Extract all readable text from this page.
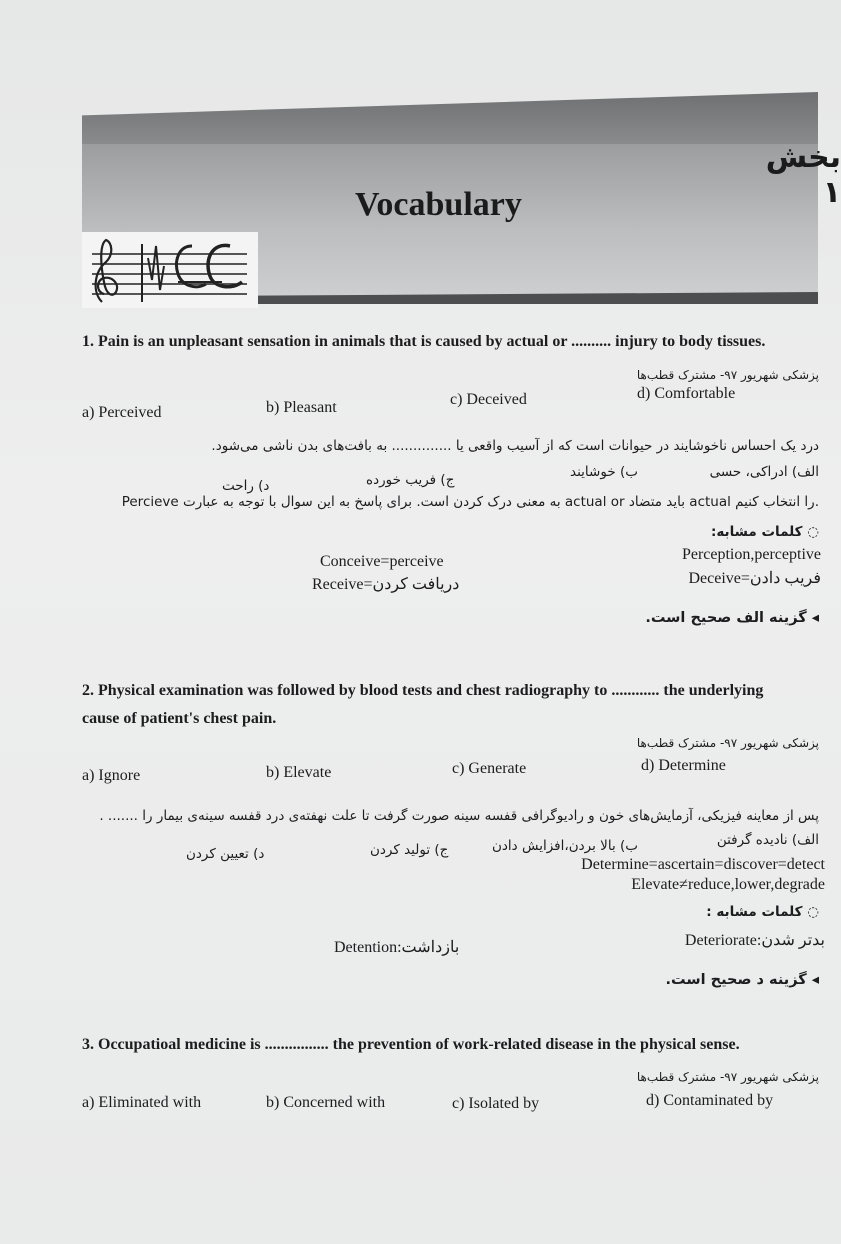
بخش ۱
Vocabulary
1. Pain is an unpleasant sensation in animals that is caused by actual or .......... injury to body tissues.
پزشکی شهریور ۹۷- مشترک قطب‌ها
a) Perceived	b) Pleasant	c) Deceived	d) Comfortable
درد یک احساس ناخوشایند در حیوانات است که از آسیب واقعی یا .............. به بافت‌های بدن ناشی می‌شود.
الف) ادراکی، حسی
ب) خوشایند
ج) فریب خورده
د) راحت
Percieve به معنی درک کردن است. برای پاسخ به این سوال با توجه به عبارت actual or باید متضاد actual را انتخاب کنیم.
◌ کلمات مشابه:
Perception,perceptive
Conceive=perceive
Deceive=فریب دادن
Receive=دریافت کردن
◂ گزینه الف صحیح است.
2. Physical examination was followed by blood tests and chest radiography to ............ the underlying
cause of patient's chest pain.
پزشکی شهریور ۹۷- مشترک قطب‌ها
a) Ignore	b) Elevate	c) Generate	d) Determine
پس از معاینه فیزیکی، آزمایش‌های خون و رادیوگرافی قفسه سینه صورت گرفت تا علت نهفته‌ی درد قفسه سینه‌ی بیمار را ....... .
الف) نادیده گرفتن
ب) بالا بردن،افزایش دادن
ج) تولید کردن
د) تعیین کردن
Determine=ascertain=discover=detect
Elevate≠reduce,lower,degrade
◌ کلمات مشابه :
Deteriorate:بدتر شدن
Detention:بازداشت
◂ گزینه د صحیح است.
3. Occupatioal medicine is ................ the prevention of work-related disease in the physical sense.
پزشکی شهریور ۹۷- مشترک قطب‌ها
a) Eliminated with	b) Concerned with	c) Isolated by	d) Contaminated by
